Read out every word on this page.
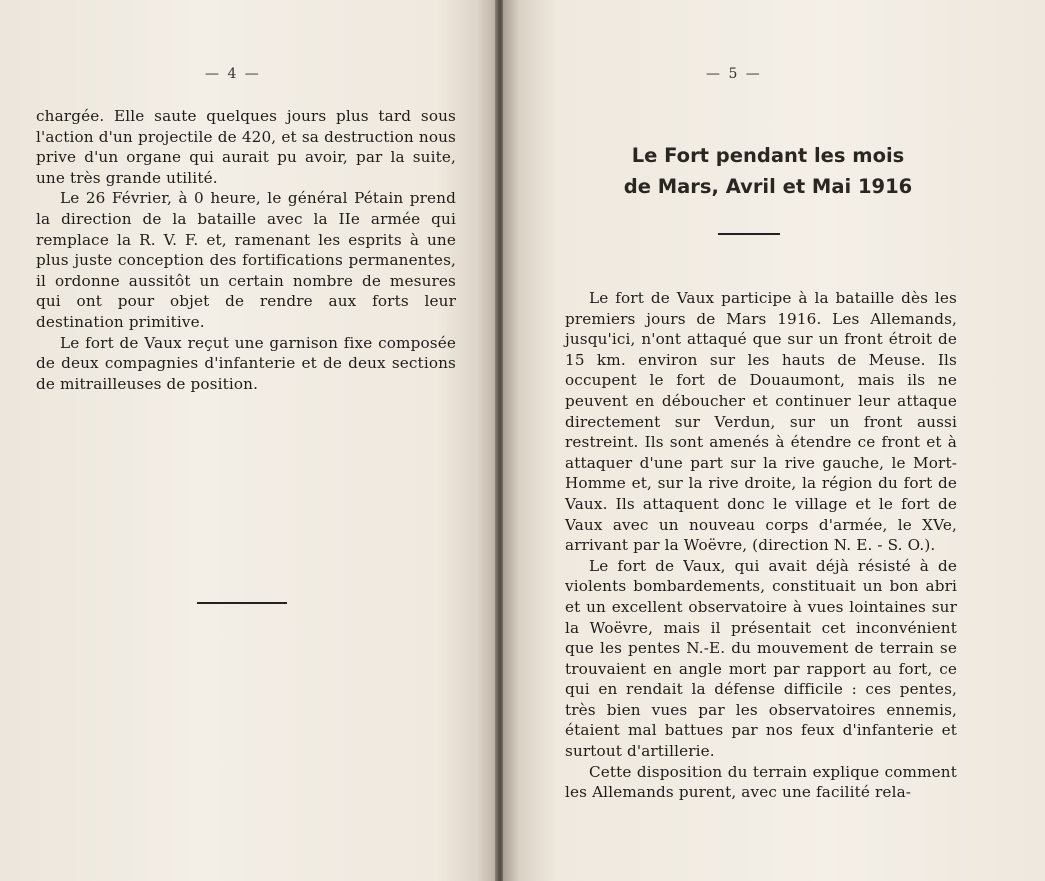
— 4 —

chargée. Elle saute quelques jours plus tard sous l'action d'un projectile de 420, et sa destruction nous prive d'un organe qui aurait pu avoir, par la suite, une très grande utilité.

Le 26 Février, à 0 heure, le général Pétain prend la direction de la bataille avec la IIe armée qui remplace la R. V. F. et, ramenant les esprits à une plus juste conception des fortifications permanentes, il ordonne aussitôt un certain nombre de mesures qui ont pour objet de rendre aux forts leur destination primitive.

Le fort de Vaux reçut une garnison fixe composée de deux compagnies d'infanterie et de deux sections de mitrailleuses de position.

— 5 —
Le Fort pendant les mois
de Mars, Avril et Mai 1916

Le fort de Vaux participe à la bataille dès les premiers jours de Mars 1916. Les Allemands, jusqu'ici, n'ont attaqué que sur un front étroit de 15 km. environ sur les hauts de Meuse. Ils occupent le fort de Douaumont, mais ils ne peuvent en déboucher et continuer leur attaque directement sur Verdun, sur un front aussi restreint. Ils sont amenés à étendre ce front et à attaquer d'une part sur la rive gauche, le Mort-Homme et, sur la rive droite, la région du fort de Vaux. Ils attaquent donc le village et le fort de Vaux avec un nouveau corps d'armée, le XVe, arrivant par la Woëvre, (direction N. E. - S. O.).

Le fort de Vaux, qui avait déjà résisté à de violents bombardements, constituait un bon abri et un excellent observatoire à vues lointaines sur la Woëvre, mais il présentait cet inconvénient que les pentes N.-E. du mouvement de terrain se trouvaient en angle mort par rapport au fort, ce qui en rendait la défense difficile : ces pentes, très bien vues par les observatoires ennemis, étaient mal battues par nos feux d'infanterie et surtout d'artillerie.

Cette disposition du terrain explique comment les Allemands purent, avec une facilité rela-
